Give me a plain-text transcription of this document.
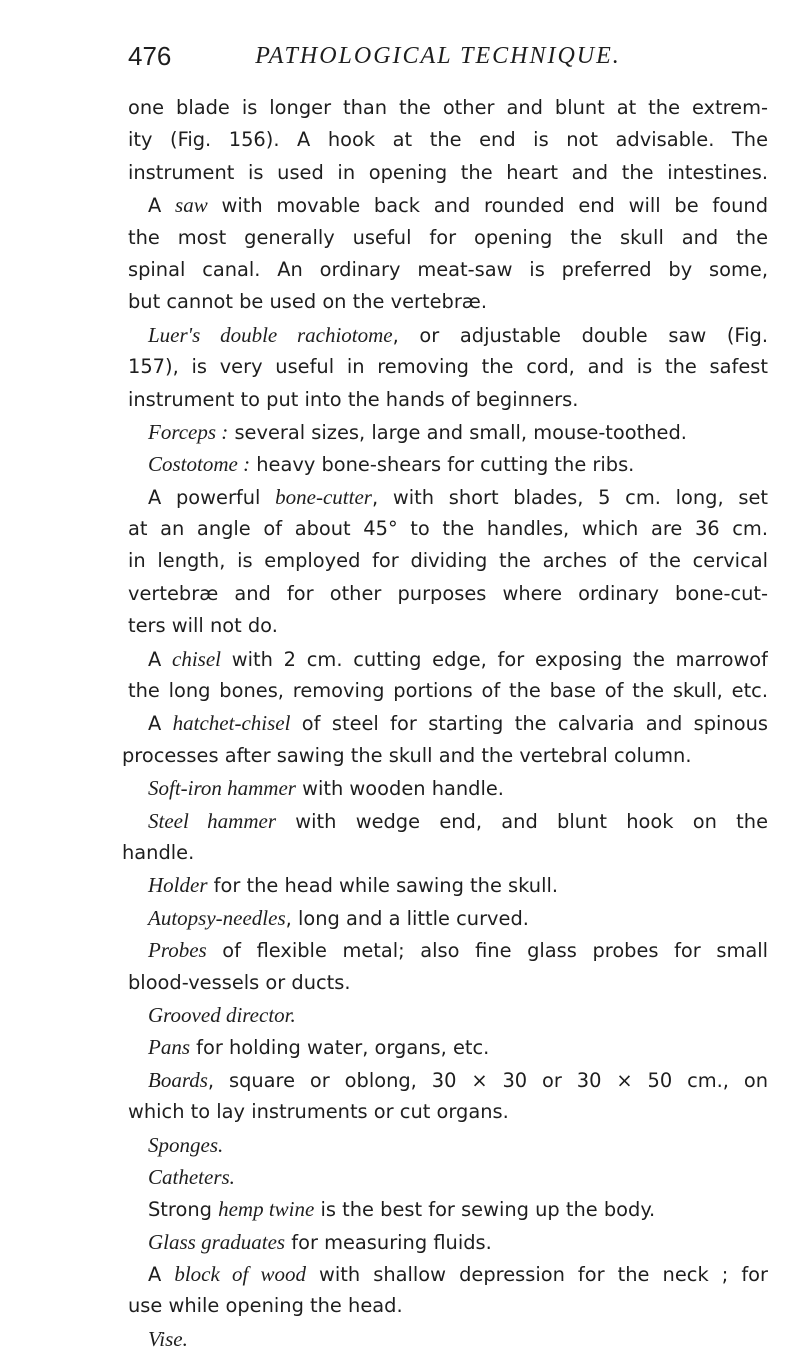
476	PATHOLOGICAL TECHNIQUE.
one blade is longer than the other and blunt at the extrem-
ity (Fig. 156). A hook at the end is not advisable. The
instrument is used in opening the heart and the intestines.
A saw with movable back and rounded end will be found
the most generally useful for opening the skull and the
spinal canal. An ordinary meat-saw is preferred by some,
but cannot be used on the vertebræ.
Luer's double rachiotome, or adjustable double saw (Fig.
157), is very useful in removing the cord, and is the safest
instrument to put into the hands of beginners.
Forceps : several sizes, large and small, mouse-toothed.
Costotome : heavy bone-shears for cutting the ribs.
A powerful bone-cutter, with short blades, 5 cm. long, set
at an angle of about 45° to the handles, which are 36 cm.
in length, is employed for dividing the arches of the cervical
vertebræ and for other purposes where ordinary bone-cut-
ters will not do.
A chisel with 2 cm. cutting edge, for exposing the marrowof
the long bones, removing portions of the base of the skull, etc.
A hatchet-chisel of steel for starting the calvaria and spinous
processes after sawing the skull and the vertebral column.
Soft-iron hammer with wooden handle.
Steel hammer with wedge end, and blunt hook on the
handle.
Holder for the head while sawing the skull.
Autopsy-needles, long and a little curved.
Probes of flexible metal; also fine glass probes for small
blood-vessels or ducts.
Grooved director.
Pans for holding water, organs, etc.
Boards, square or oblong, 30 × 30 or 30 × 50 cm., on
which to lay instruments or cut organs.
Sponges.
Catheters.
Strong hemp twine is the best for sewing up the body.
Glass graduates for measuring fluids.
A block of wood with shallow depression for the neck ; for
use while opening the head.
Vise.
